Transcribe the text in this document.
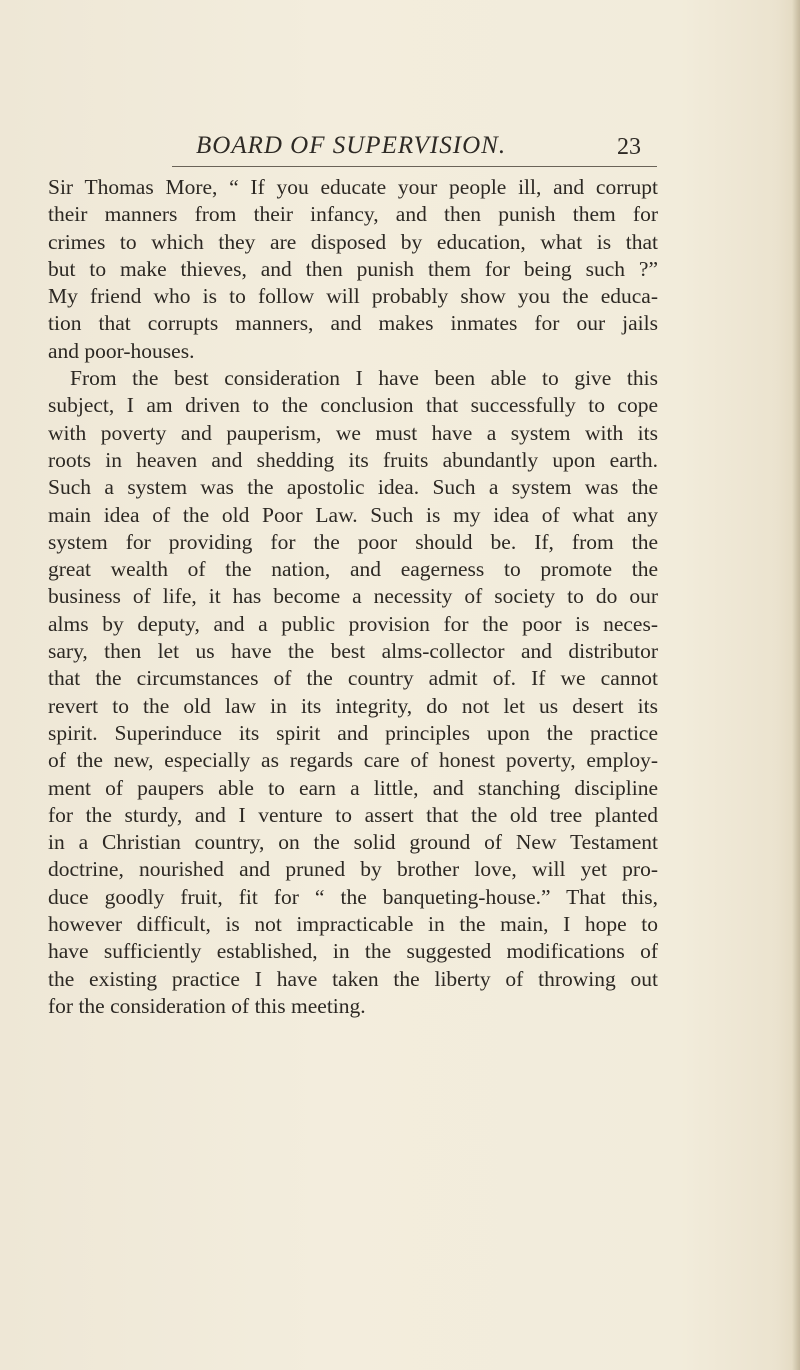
BOARD OF SUPERVISION.	23
Sir Thomas More, “ If you educate your people ill, and corrupt
their manners from their infancy, and then punish them for
crimes to which they are disposed by education, what is that
but to make thieves, and then punish them for being such ?”
My friend who is to follow will probably show you the educa-
tion that corrupts manners, and makes inmates for our jails
and poor-houses.
From the best consideration I have been able to give this
subject, I am driven to the conclusion that successfully to cope
with poverty and pauperism, we must have a system with its
roots in heaven and shedding its fruits abundantly upon earth.
Such a system was the apostolic idea. Such a system was the
main idea of the old Poor Law. Such is my idea of what any
system for providing for the poor should be. If, from the
great wealth of the nation, and eagerness to promote the
business of life, it has become a necessity of society to do our
alms by deputy, and a public provision for the poor is neces-
sary, then let us have the best alms-collector and distributor
that the circumstances of the country admit of. If we cannot
revert to the old law in its integrity, do not let us desert its
spirit. Superinduce its spirit and principles upon the practice
of the new, especially as regards care of honest poverty, employ-
ment of paupers able to earn a little, and stanching discipline
for the sturdy, and I venture to assert that the old tree planted
in a Christian country, on the solid ground of New Testament
doctrine, nourished and pruned by brother love, will yet pro-
duce goodly fruit, fit for “ the banqueting-house.” That this,
however difficult, is not impracticable in the main, I hope to
have sufficiently established, in the suggested modifications of
the existing practice I have taken the liberty of throwing out
for the consideration of this meeting.
